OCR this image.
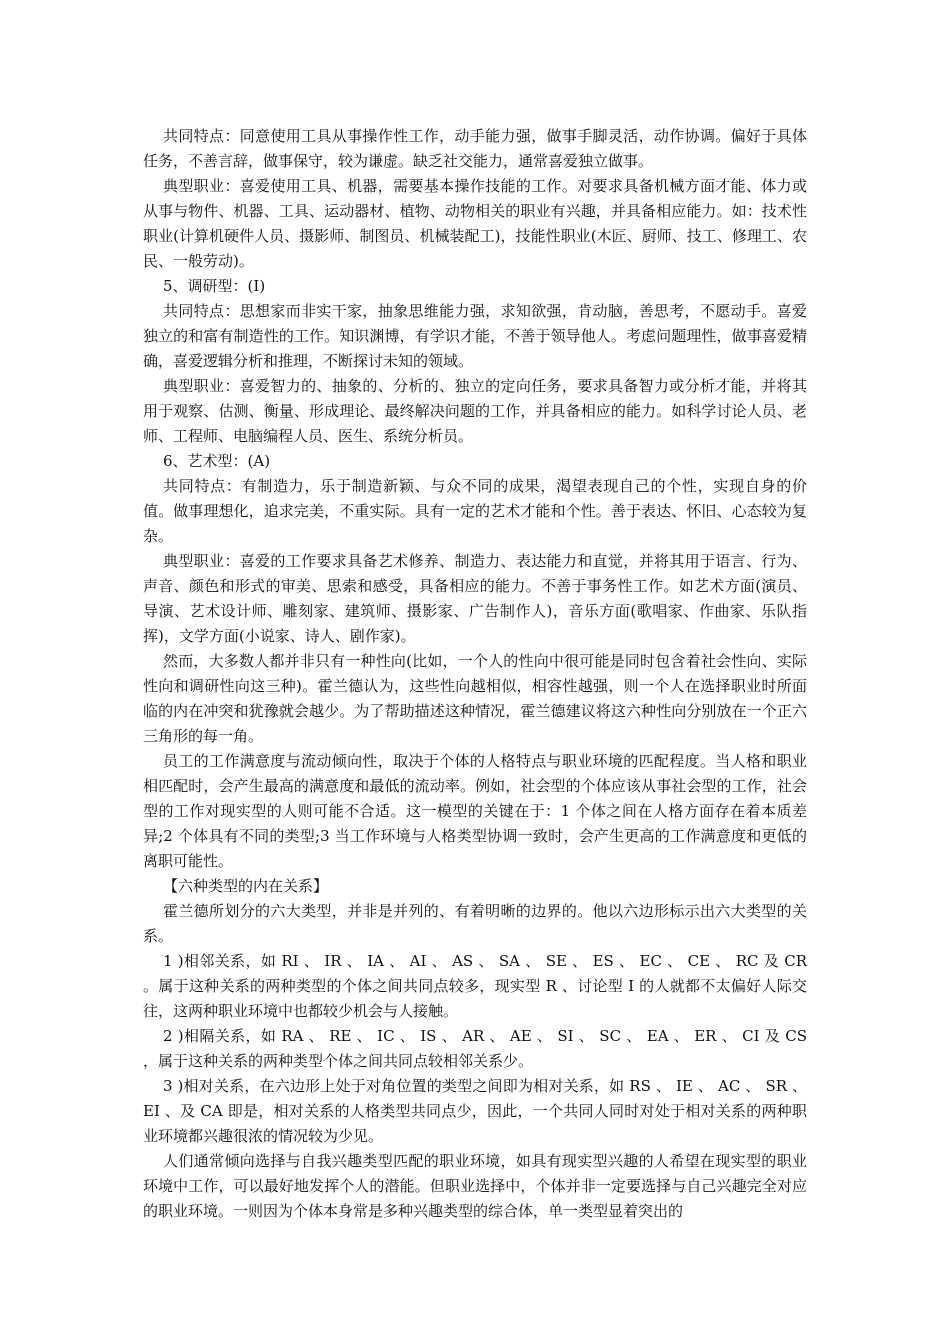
共同特点：同意使用工具从事操作性工作，动手能力强，做事手脚灵活，动作协调。偏好于具体任务，不善言辞，做事保守，较为谦虚。缺乏社交能力，通常喜爱独立做事。

典型职业：喜爱使用工具、机器，需要基本操作技能的工作。对要求具备机械方面才能、体力或从事与物件、机器、工具、运动器材、植物、动物相关的职业有兴趣，并具备相应能力。如：技术性职业(计算机硬件人员、摄影师、制图员、机械装配工)，技能性职业(木匠、厨师、技工、修理工、农民、一般劳动)。

5、调研型：(I)

共同特点：思想家而非实干家，抽象思维能力强，求知欲强，肯动脑，善思考，不愿动手。喜爱独立的和富有制造性的工作。知识渊博，有学识才能，不善于领导他人。考虑问题理性，做事喜爱精确，喜爱逻辑分析和推理，不断探讨未知的领域。

典型职业：喜爱智力的、抽象的、分析的、独立的定向任务，要求具备智力或分析才能，并将其用于观察、估测、衡量、形成理论、最终解决问题的工作，并具备相应的能力。如科学讨论人员、老师、工程师、电脑编程人员、医生、系统分析员。

6、艺术型：(A)

共同特点：有制造力，乐于制造新颖、与众不同的成果，渴望表现自己的个性，实现自身的价值。做事理想化，追求完美，不重实际。具有一定的艺术才能和个性。善于表达、怀旧、心态较为复杂。

典型职业：喜爱的工作要求具备艺术修养、制造力、表达能力和直觉，并将其用于语言、行为、声音、颜色和形式的审美、思索和感受，具备相应的能力。不善于事务性工作。如艺术方面(演员、导演、艺术设计师、雕刻家、建筑师、摄影家、广告制作人)，音乐方面(歌唱家、作曲家、乐队指挥)，文学方面(小说家、诗人、剧作家)。

然而，大多数人都并非只有一种性向(比如，一个人的性向中很可能是同时包含着社会性向、实际性向和调研性向这三种)。霍兰德认为，这些性向越相似，相容性越强，则一个人在选择职业时所面临的内在冲突和犹豫就会越少。为了帮助描述这种情况，霍兰德建议将这六种性向分别放在一个正六三角形的每一角。

员工的工作满意度与流动倾向性，取决于个体的人格特点与职业环境的匹配程度。当人格和职业相匹配时，会产生最高的满意度和最低的流动率。例如，社会型的个体应该从事社会型的工作，社会型的工作对现实型的人则可能不合适。这一模型的关键在于：1 个体之间在人格方面存在着本质差异;2 个体具有不同的类型;3 当工作环境与人格类型协调一致时，会产生更高的工作满意度和更低的离职可能性。

【六种类型的内在关系】

霍兰德所划分的六大类型，并非是并列的、有着明晰的边界的。他以六边形标示出六大类型的关系。

1 )相邻关系，如 RI 、 IR 、 IA 、 AI 、 AS 、 SA 、 SE 、 ES 、 EC 、 CE 、 RC 及 CR 。属于这种关系的两种类型的个体之间共同点较多，现实型 R 、讨论型 I 的人就都不太偏好人际交往，这两种职业环境中也都较少机会与人接触。

2 )相隔关系，如 RA 、 RE 、 IC 、 IS 、 AR 、 AE 、 SI 、 SC 、 EA 、 ER 、 CI 及 CS ，属于这种关系的两种类型个体之间共同点较相邻关系少。

3 )相对关系，在六边形上处于对角位置的类型之间即为相对关系，如 RS 、 IE 、 AC 、 SR 、 EI 、及 CA 即是，相对关系的人格类型共同点少，因此，一个共同人同时对处于相对关系的两种职业环境都兴趣很浓的情况较为少见。

人们通常倾向选择与自我兴趣类型匹配的职业环境，如具有现实型兴趣的人希望在现实型的职业环境中工作，可以最好地发挥个人的潜能。但职业选择中，个体并非一定要选择与自己兴趣完全对应的职业环境。一则因为个体本身常是多种兴趣类型的综合体，单一类型显着突出的
